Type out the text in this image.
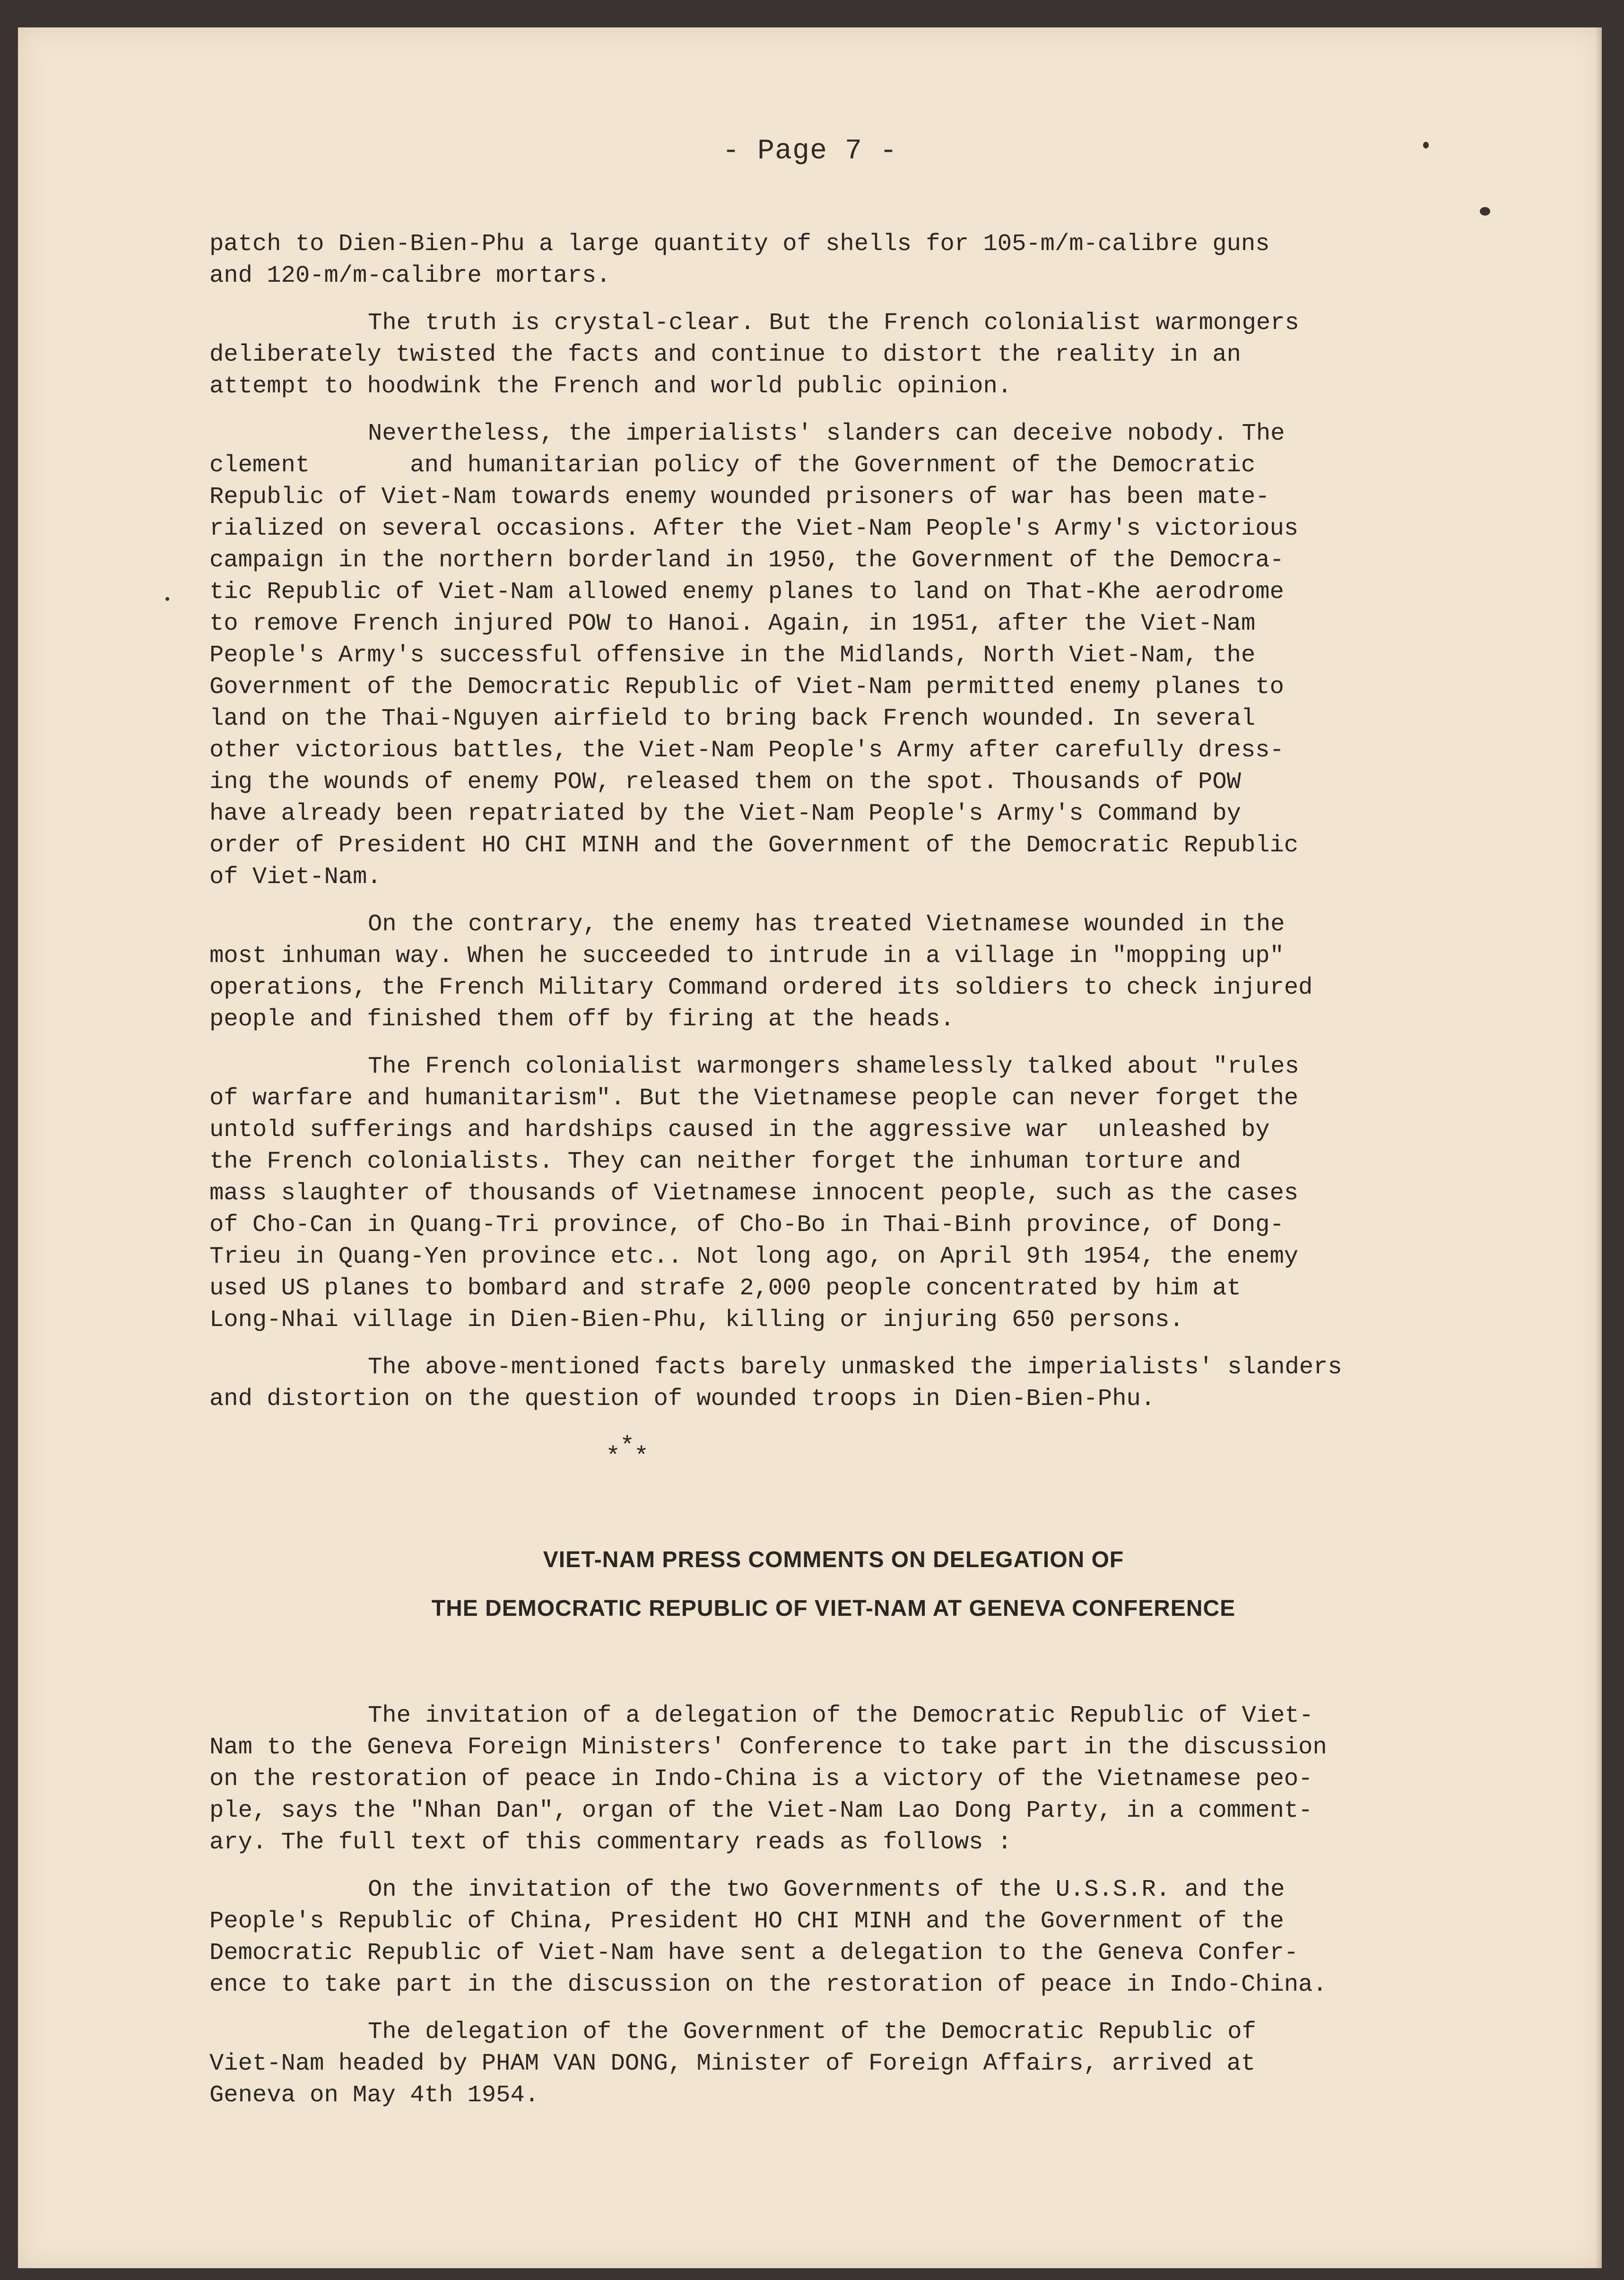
- Page 7 -

patch to Dien-Bien-Phu a large quantity of shells for 105-m/m-calibre guns
and 120-m/m-calibre mortars.

The truth is crystal-clear. But the French colonialist warmongers
deliberately twisted the facts and continue to distort the reality in an
attempt to hoodwink the French and world public opinion.

Nevertheless, the imperialists' slanders can deceive nobody. The
clement       and humanitarian policy of the Government of the Democratic
Republic of Viet-Nam towards enemy wounded prisoners of war has been mate-
rialized on several occasions. After the Viet-Nam People's Army's victorious
campaign in the northern borderland in 1950, the Government of the Democra-
tic Republic of Viet-Nam allowed enemy planes to land on That-Khe aerodrome
to remove French injured POW to Hanoi. Again, in 1951, after the Viet-Nam
People's Army's successful offensive in the Midlands, North Viet-Nam, the
Government of the Democratic Republic of Viet-Nam permitted enemy planes to
land on the Thai-Nguyen airfield to bring back French wounded. In several
other victorious battles, the Viet-Nam People's Army after carefully dress-
ing the wounds of enemy POW, released them on the spot. Thousands of POW
have already been repatriated by the Viet-Nam People's Army's Command by
order of President HO CHI MINH and the Government of the Democratic Republic
of Viet-Nam.

On the contrary, the enemy has treated Vietnamese wounded in the
most inhuman way. When he succeeded to intrude in a village in "mopping up"
operations, the French Military Command ordered its soldiers to check injured
people and finished them off by firing at the heads.

The French colonialist warmongers shamelessly talked about "rules
of warfare and humanitarism". But the Vietnamese people can never forget the
untold sufferings and hardships caused in the aggressive war  unleashed by
the French colonialists. They can neither forget the inhuman torture and
mass slaughter of thousands of Vietnamese innocent people, such as the cases
of Cho-Can in Quang-Tri province, of Cho-Bo in Thai-Binh province, of Dong-
Trieu in Quang-Yen province etc.. Not long ago, on April 9th 1954, the enemy
used US planes to bombard and strafe 2,000 people concentrated by him at
Long-Nhai village in Dien-Bien-Phu, killing or injuring 650 persons.

The above-mentioned facts barely unmasked the imperialists' slanders
and distortion on the question of wounded troops in Dien-Bien-Phu.

*
* *
VIET-NAM PRESS COMMENTS ON DELEGATION OF
THE DEMOCRATIC REPUBLIC OF VIET-NAM AT GENEVA CONFERENCE

The invitation of a delegation of the Democratic Republic of Viet-
Nam to the Geneva Foreign Ministers' Conference to take part in the discussion
on the restoration of peace in Indo-China is a victory of the Vietnamese peo-
ple, says the "Nhan Dan", organ of the Viet-Nam Lao Dong Party, in a comment-
ary. The full text of this commentary reads as follows :

On the invitation of the two Governments of the U.S.S.R. and the
People's Republic of China, President HO CHI MINH and the Government of the
Democratic Republic of Viet-Nam have sent a delegation to the Geneva Confer-
ence to take part in the discussion on the restoration of peace in Indo-China.

The delegation of the Government of the Democratic Republic of
Viet-Nam headed by PHAM VAN DONG, Minister of Foreign Affairs, arrived at
Geneva on May 4th 1954.
